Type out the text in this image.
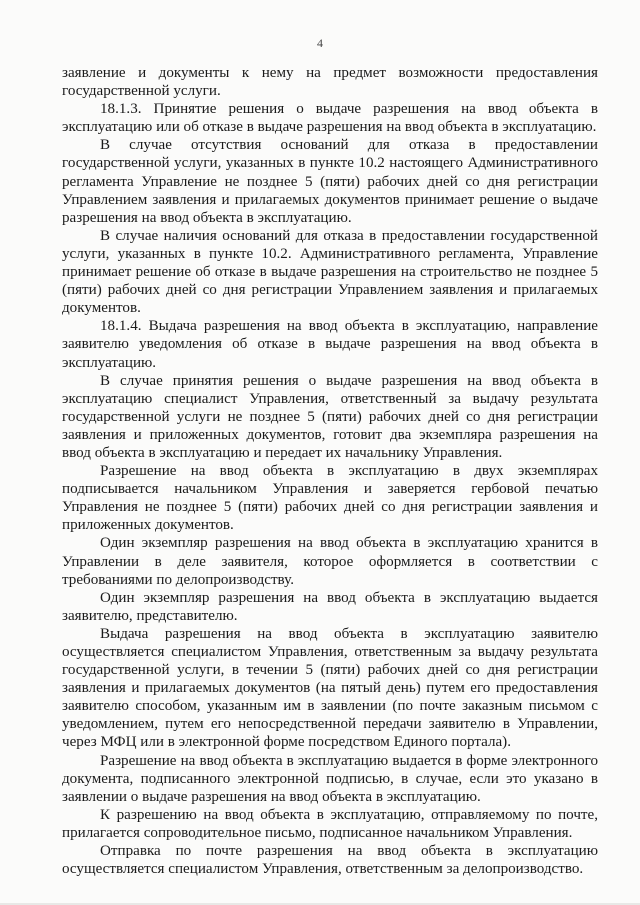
4

заявление и документы к нему на предмет возможности предоставления государственной услуги.

18.1.3. Принятие решения о выдаче разрешения на ввод объекта в эксплуатацию или об отказе в выдаче разрешения на ввод объекта в эксплуатацию.

В случае отсутствия оснований для отказа в предоставлении государственной услуги, указанных в пункте 10.2 настоящего Административного регламента Управление не позднее 5 (пяти) рабочих дней со дня регистрации Управлением заявления и прилагаемых документов принимает решение о выдаче разрешения на ввод объекта в эксплуатацию.

В случае наличия оснований для отказа в предоставлении государственной услуги, указанных в пункте 10.2. Административного регламента, Управление принимает решение об отказе в выдаче разрешения на строительство не позднее 5 (пяти) рабочих дней со дня регистрации Управлением заявления и прилагаемых документов.

18.1.4. Выдача разрешения на ввод объекта в эксплуатацию, направление заявителю уведомления об отказе в выдаче разрешения на ввод объекта в эксплуатацию.

В случае принятия решения о выдаче разрешения на ввод объекта в эксплуатацию специалист Управления, ответственный за выдачу результата государственной услуги не позднее 5 (пяти) рабочих дней со дня регистрации заявления и приложенных документов, готовит два экземпляра разрешения на ввод объекта в эксплуатацию и передает их начальнику Управления.

Разрешение на ввод объекта в эксплуатацию в двух экземплярах подписывается начальником Управления и заверяется гербовой печатью Управления не позднее 5 (пяти) рабочих дней со дня регистрации заявления и приложенных документов.

Один экземпляр разрешения на ввод объекта в эксплуатацию хранится в Управлении в деле заявителя, которое оформляется в соответствии с требованиями по делопроизводству.

Один экземпляр разрешения на ввод объекта в эксплуатацию выдается заявителю, представителю.

Выдача разрешения на ввод объекта в эксплуатацию заявителю осуществляется специалистом Управления, ответственным за выдачу результата государственной услуги, в течении 5 (пяти) рабочих дней со дня регистрации заявления и прилагаемых документов (на пятый день) путем его предоставления заявителю способом, указанным им в заявлении (по почте заказным письмом с уведомлением, путем его непосредственной передачи заявителю в Управлении, через МФЦ или в электронной форме посредством Единого портала).

Разрешение на ввод объекта в эксплуатацию выдается в форме электронного документа, подписанного электронной подписью, в случае, если это указано в заявлении о выдаче разрешения на ввод объекта в эксплуатацию.

К разрешению на ввод объекта в эксплуатацию, отправляемому по почте, прилагается сопроводительное письмо, подписанное начальником Управления.

Отправка по почте разрешения на ввод объекта в эксплуатацию осуществляется специалистом Управления, ответственным за делопроизводство.
